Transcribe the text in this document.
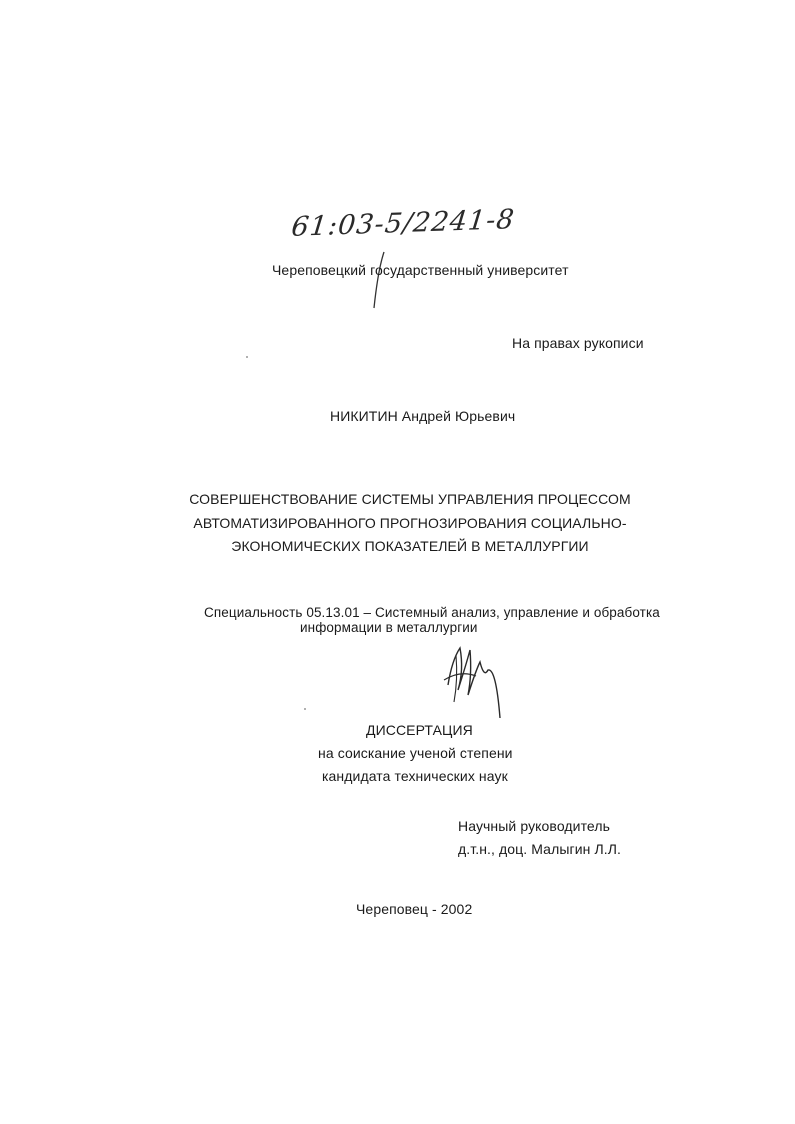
61:03-5/2241-8
Череповецкий государственный университет
На правах рукописи
НИКИТИН Андрей Юрьевич
СОВЕРШЕНСТВОВАНИЕ СИСТЕМЫ УПРАВЛЕНИЯ ПРОЦЕССОМ
АВТОМАТИЗИРОВАННОГО ПРОГНОЗИРОВАНИЯ СОЦИАЛЬНО-
ЭКОНОМИЧЕСКИХ ПОКАЗАТЕЛЕЙ В МЕТАЛЛУРГИИ
Специальность 05.13.01 – Системный анализ, управление и обработка
информации в металлургии
ДИССЕРТАЦИЯ
на соискание ученой степени
кандидата технических наук
Научный руководитель
д.т.н., доц. Малыгин Л.Л.
Череповец - 2002
